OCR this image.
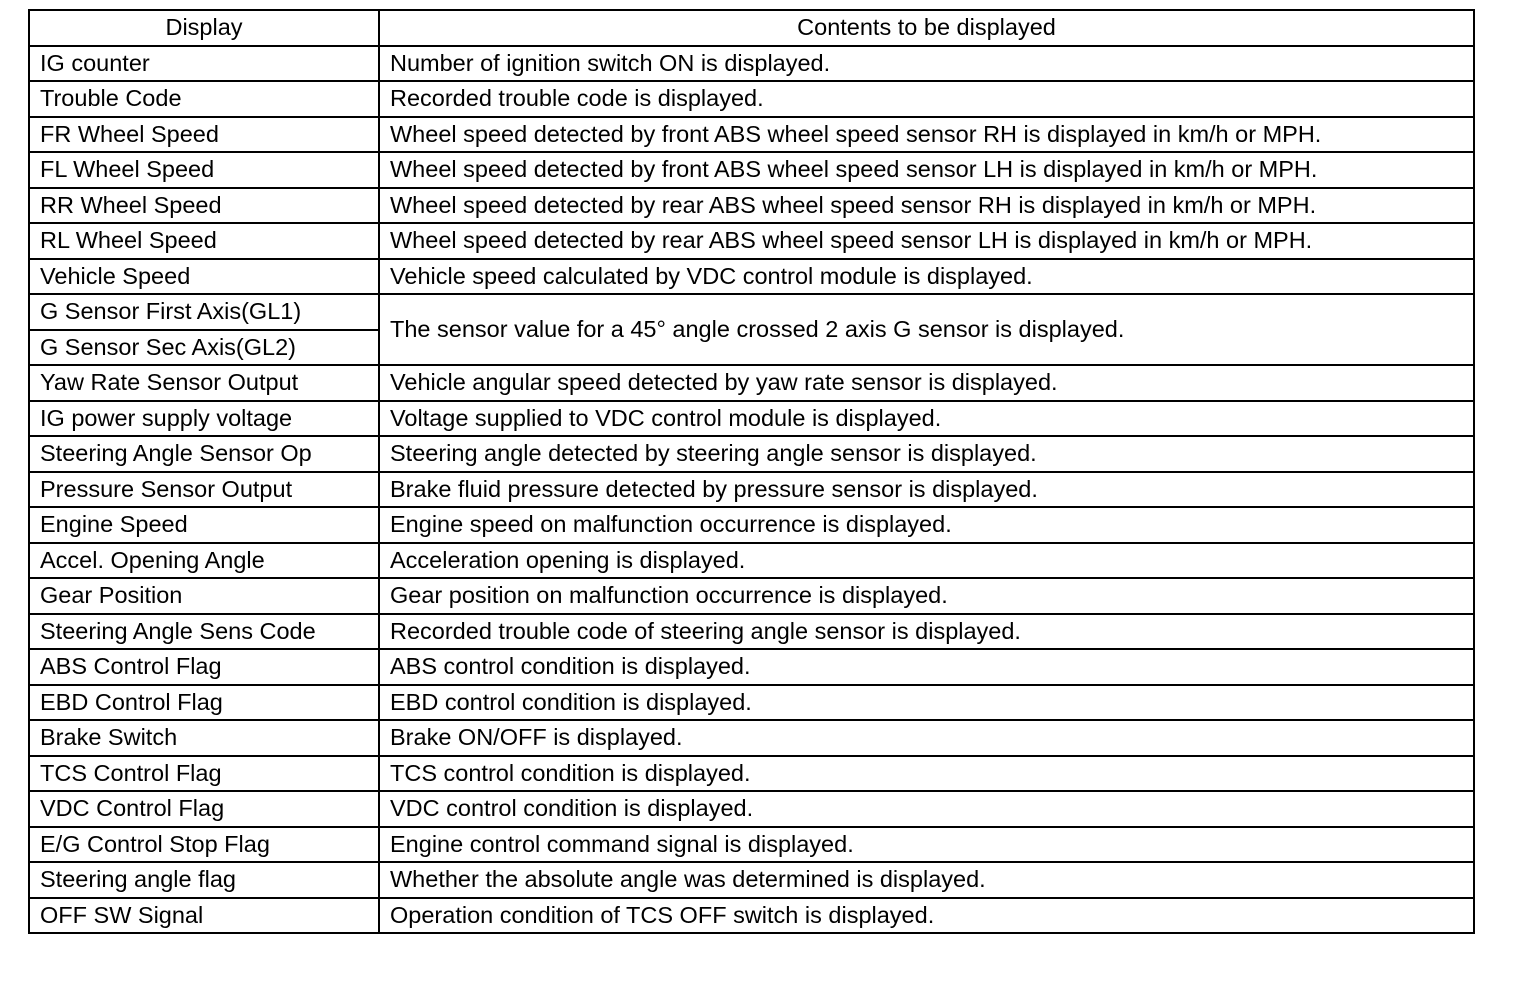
Display	Contents to be displayed
IG counter	Number of ignition switch ON is displayed.
Trouble Code	Recorded trouble code is displayed.
FR Wheel Speed	Wheel speed detected by front ABS wheel speed sensor RH is displayed in km/h or MPH.
FL Wheel Speed	Wheel speed detected by front ABS wheel speed sensor LH is displayed in km/h or MPH.
RR Wheel Speed	Wheel speed detected by rear ABS wheel speed sensor RH is displayed in km/h or MPH.
RL Wheel Speed	Wheel speed detected by rear ABS wheel speed sensor LH is displayed in km/h or MPH.
Vehicle Speed	Vehicle speed calculated by VDC control module is displayed.
G Sensor First Axis(GL1)	The sensor value for a 45° angle crossed 2 axis G sensor is displayed.
G Sensor Sec Axis(GL2)	
Yaw Rate Sensor Output	Vehicle angular speed detected by yaw rate sensor is displayed.
IG power supply voltage	Voltage supplied to VDC control module is displayed.
Steering Angle Sensor Op	Steering angle detected by steering angle sensor is displayed.
Pressure Sensor Output	Brake fluid pressure detected by pressure sensor is displayed.
Engine Speed	Engine speed on malfunction occurrence is displayed.
Accel. Opening Angle	Acceleration opening is displayed.
Gear Position	Gear position on malfunction occurrence is displayed.
Steering Angle Sens Code	Recorded trouble code of steering angle sensor is displayed.
ABS Control Flag	ABS control condition is displayed.
EBD Control Flag	EBD control condition is displayed.
Brake Switch	Brake ON/OFF is displayed.
TCS Control Flag	TCS control condition is displayed.
VDC Control Flag	VDC control condition is displayed.
E/G Control Stop Flag	Engine control command signal is displayed.
Steering angle flag	Whether the absolute angle was determined is displayed.
OFF SW Signal	Operation condition of TCS OFF switch is displayed.
